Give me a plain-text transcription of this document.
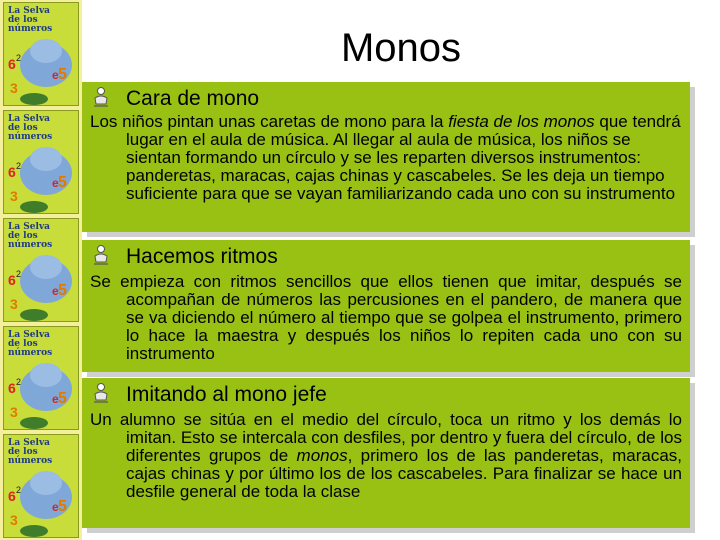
6 2
3
5
e
La Selva
de los números
6 2
3
5
e
La Selva
de los números
6 2
3
5
e
La Selva
de los números
6 2
3
5
e
La Selva
de los números
6 2
3
5
e
La Selva
de los números
Monos
Cara de mono
Los niños pintan unas caretas de mono para la fiesta de los monos que tendrá lugar en el aula de música. Al llegar al aula de música, los niños se sientan formando un círculo y se les reparten diversos instrumentos: panderetas, maracas, cajas chinas y cascabeles. Se les deja un tiempo suficiente para que se vayan familiarizando cada uno con su instrumento
Hacemos ritmos
Se empieza con ritmos sencillos que ellos tienen que imitar, después se acompañan de números las percusiones en el pandero, de manera que se va diciendo el número al tiempo que se golpea el instrumento, primero lo hace la maestra y después los niños lo repiten cada uno con su instrumento
Imitando al mono jefe
Un alumno se sitúa en el medio del círculo, toca un ritmo y los demás lo imitan. Esto se intercala con desfiles, por dentro y fuera del círculo, de los diferentes grupos de monos, primero los de las panderetas, maracas, cajas chinas y por último los de los cascabeles. Para finalizar se hace un desfile general de toda la clase
